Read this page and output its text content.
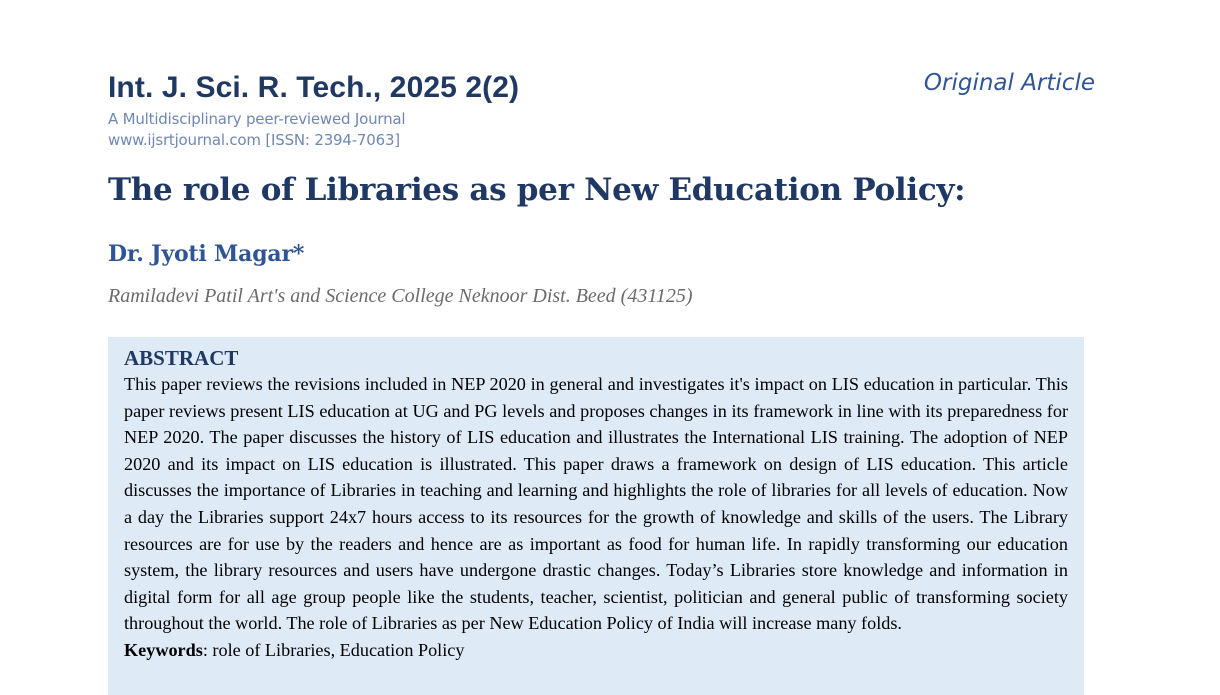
Int. J. Sci. R. Tech., 2025 2(2)	Original Article
A Multidisciplinary peer-reviewed Journal
www.ijsrtjournal.com [ISSN: 2394-7063]
The role of Libraries as per New Education Policy:
Dr. Jyoti Magar*
Ramiladevi Patil Art's and Science College Neknoor Dist. Beed (431125)

ABSTRACT

This paper reviews the revisions included in NEP 2020 in general and investigates it's impact on LIS education in particular. This paper reviews present LIS education at UG and PG levels and proposes changes in its framework in line with its preparedness for NEP 2020. The paper discusses the history of LIS education and illustrates the International LIS training. The adoption of NEP 2020 and its impact on LIS education is illustrated. This paper draws a framework on design of LIS education. This article discusses the importance of Libraries in teaching and learning and highlights the role of libraries for all levels of education. Now a day the Libraries support 24x7 hours access to its resources for the growth of knowledge and skills of the users. The Library resources are for use by the readers and hence are as important as food for human life. In rapidly transforming our education system, the library resources and users have undergone drastic changes. Today’s Libraries store knowledge and information in digital form for all age group people like the students, teacher, scientist, politician and general public of transforming society throughout the world. The role of Libraries as per New Education Policy of India will increase many folds.

Keywords: role of Libraries, Education Policy
